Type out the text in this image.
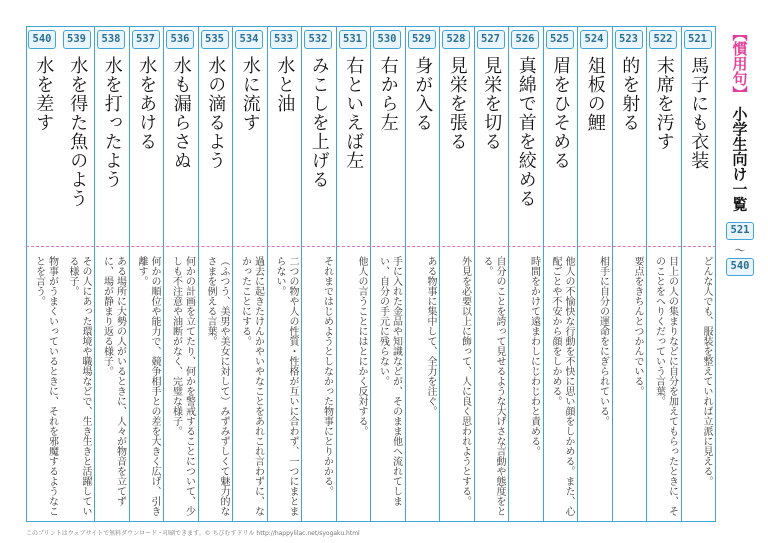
521
馬子にも衣装
どんな人でも、服装を整えていれば立派に見える。
522
末席を汚す
目上の人の集まりなどに自分を加えてもらったときに、そのことをへりくだっていう言葉。
523
的を射る
要点をきちんとつかんでいる。
524
俎板の鯉
相手に自分の運命をにぎられている。
525
眉をひそめる
他人の不愉快な行動を不快に思い顔をしかめる。また、心配ごとや不安から顔をしかめる。
526
真綿で首を絞める
時間をかけて遠まわしにじわじわと責める。
527
見栄を切る
自分のことを誇って見せるような大げさな言動や態度をとる。
528
見栄を張る
外見を必要以上に飾って、人に良く思われようとする。
529
身が入る
ある物事に集中して、全力を注ぐ。
530
右から左
手に入れた金品や知識などが、そのまま他へ流れてしまい、自分の手元に残らない。
531
右といえば左
他人の言うことにはとにかく反対する。
532
みこしを上げる
それまではじめようとしなかった物事にとりかかる。
533
水と油
二つの物や人の性質・性格が互いに合わず、一つにまとまらない。
534
水に流す
過去に起きたけんかやいやなことをあれこれ言わずに、なかったことにする。
535
水の滴るよう
（ふつう、美男や美女に対して）みずみずしくて魅力的なさまを例える言葉。
536
水も漏らさぬ
何かの計画を立てたり、何かを警戒することについて、少しも不注意や油断がなく、完璧な様子。
537
水をあける
何かの順位や能力で、競争相手との差を大きく広げ、引き離す。
538
水を打ったよう
ある場所に大勢の人がいるときに、人々が物音を立てずに、場が静まり返る様子。
539
水を得た魚のよう
その人にあった環境や職場などで、生き生きと活躍している様子。
540
水を差す
物事がうまくいっているときに、それを邪魔するようなことを言う。
【慣用句】 小学生向け一覧
521
〜
540
このプリントはウェブサイトで無料ダウンロード・印刷できます。© ちびむすドリル http://happylilac.net/syogaku.html
